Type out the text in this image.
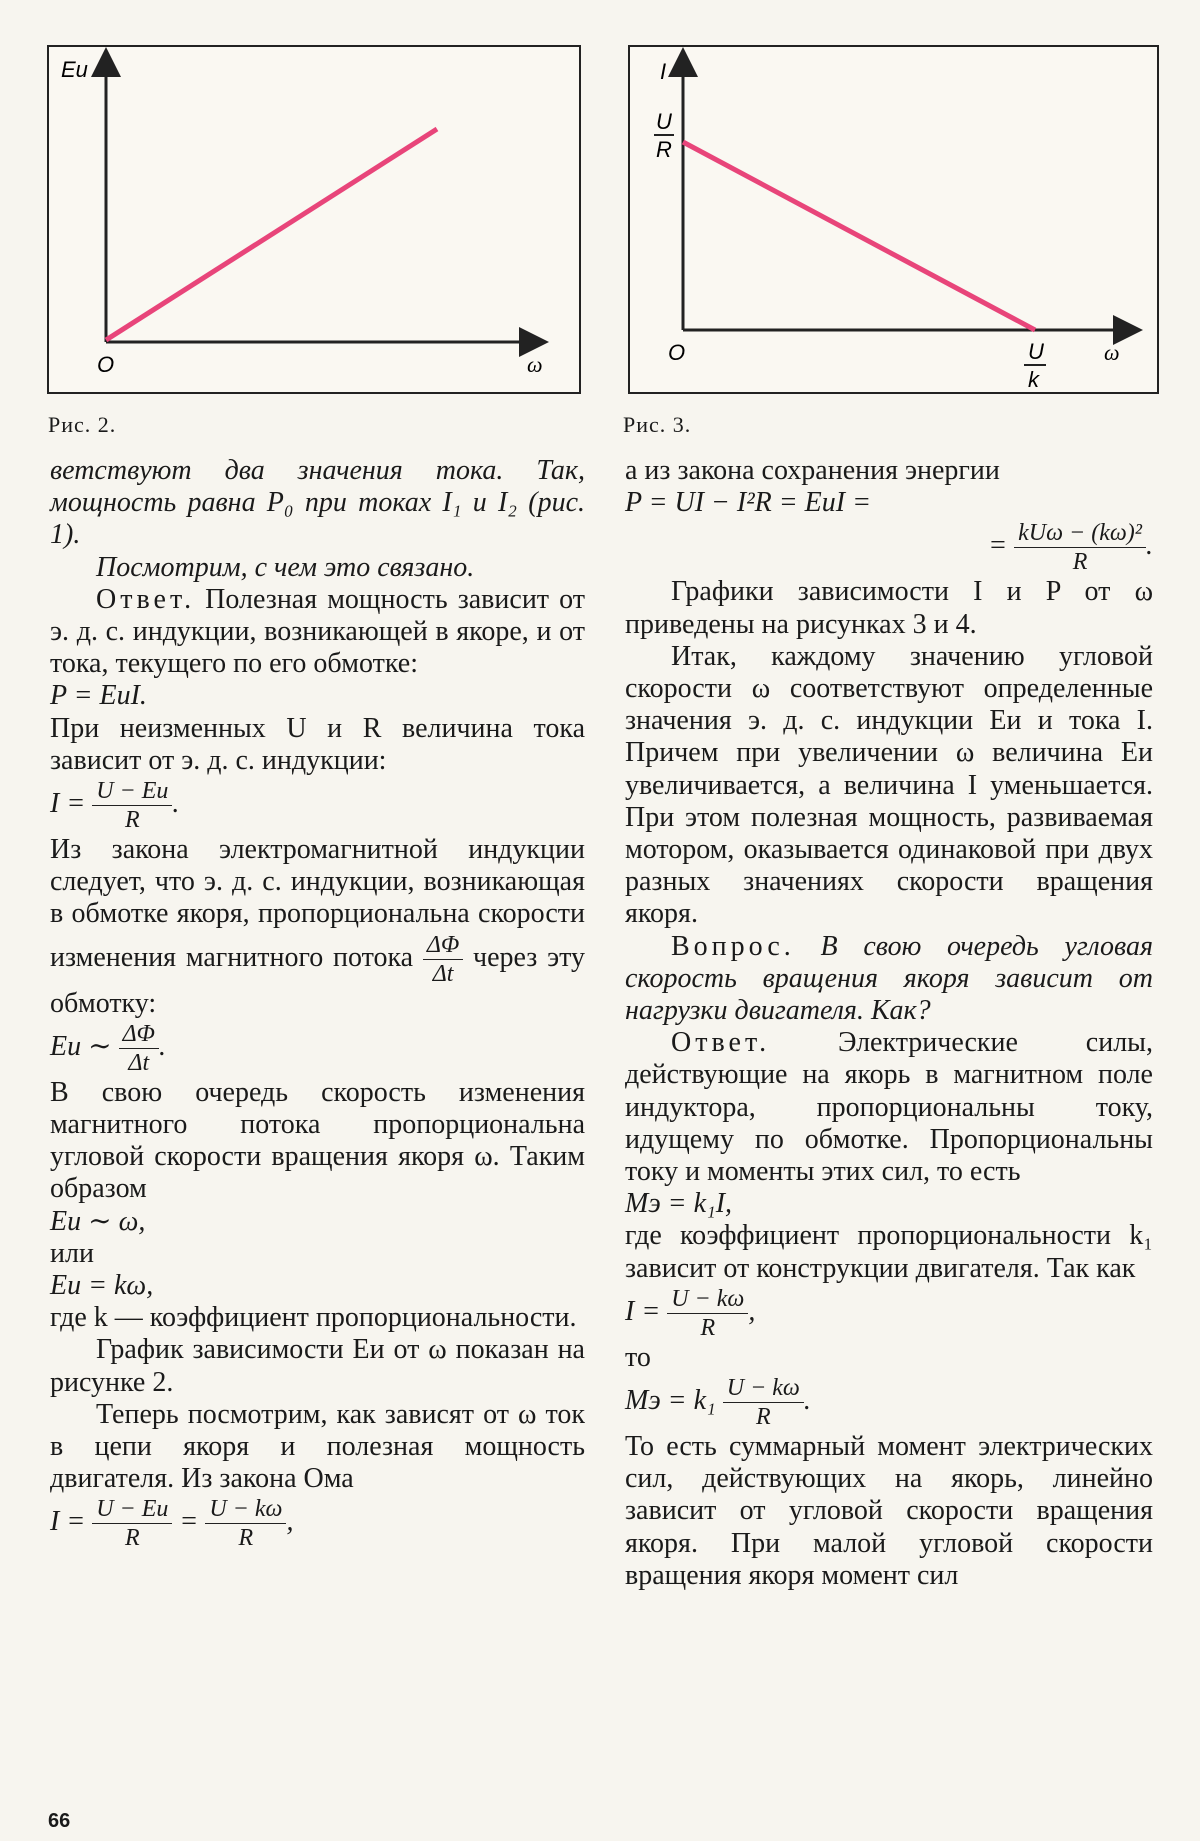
Eи
O	ω
Рис. 2.
I
U
R
O	U
k
ω
Рис. 3.

ветствуют два значения тока. Так, мощность равна P₀ при токах I₁ и I₂ (рис. 1).

Посмотрим, с чем это связано.

Ответ. Полезная мощность зависит от э. д. с. индукции, возникающей в якоре, и от тока, текущего по его обмотке:

P = EиI.

При неизменных U и R величина тока зависит от э. д. с. индукции:

$I = \frac{U - Eи}{R}$ .

Из закона электромагнитной индукции следует, что э. д. с. индукции, возникающая в обмотке якоря, пропорциональна скорости изменения магнитного потока $\frac{\Delta\Phi}{\Delta t}$ через эту обмотку:

Eи ∼ $\frac{\Delta\Phi}{\Delta t}$ .

В свою очередь скорость изменения магнитного потока пропорциональна угловой скорости вращения якоря ω. Таким образом

Eи ∼ ω,

или

Eи = kω,

где k — коэффициент пропорциональности.

График зависимости Eи от ω показан на рисунке 2.

Теперь посмотрим, как зависят от ω ток в цепи якоря и полезная мощность двигателя. Из закона Ома

$I = \frac{U - Eи}{R} = \frac{U - k\omega}{R}$ ,

а из закона сохранения энергии

P = UI − I²R = EиI =

= $\frac{\text{kUω − (kω)²}}{R}$ .

Графики зависимости I и P от ω приведены на рисунках 3 и 4.

Итак, каждому значению угловой скорости ω соответствуют определенные значения э. д. с. индукции Eи и тока I. Причем при увеличении ω величина Eи увеличивается, а величина I уменьшается. При этом полезная мощность, развиваемая мотором, оказывается одинаковой при двух разных значениях скорости вращения якоря.

Вопрос. В свою очередь угловая скорость вращения якоря зависит от нагрузки двигателя. Как?

Ответ. Электрические силы, действующие на якорь в магнитном поле индуктора, пропорциональны току, идущему по обмотке. Пропорциональны току и моменты этих сил, то есть

Mэ = k₁I,

где коэффициент пропорциональности k₁ зависит от конструкции двигателя. Так как

$I = \frac{U - k\omega}{R}$ ,

то

Mэ = $k_1 \frac{U - k\omega}{R}$ .

То есть суммарный момент электрических сил, действующих на якорь, линейно зависит от угловой скорости вращения якоря. При малой угловой скорости вращения якоря момент сил

66
